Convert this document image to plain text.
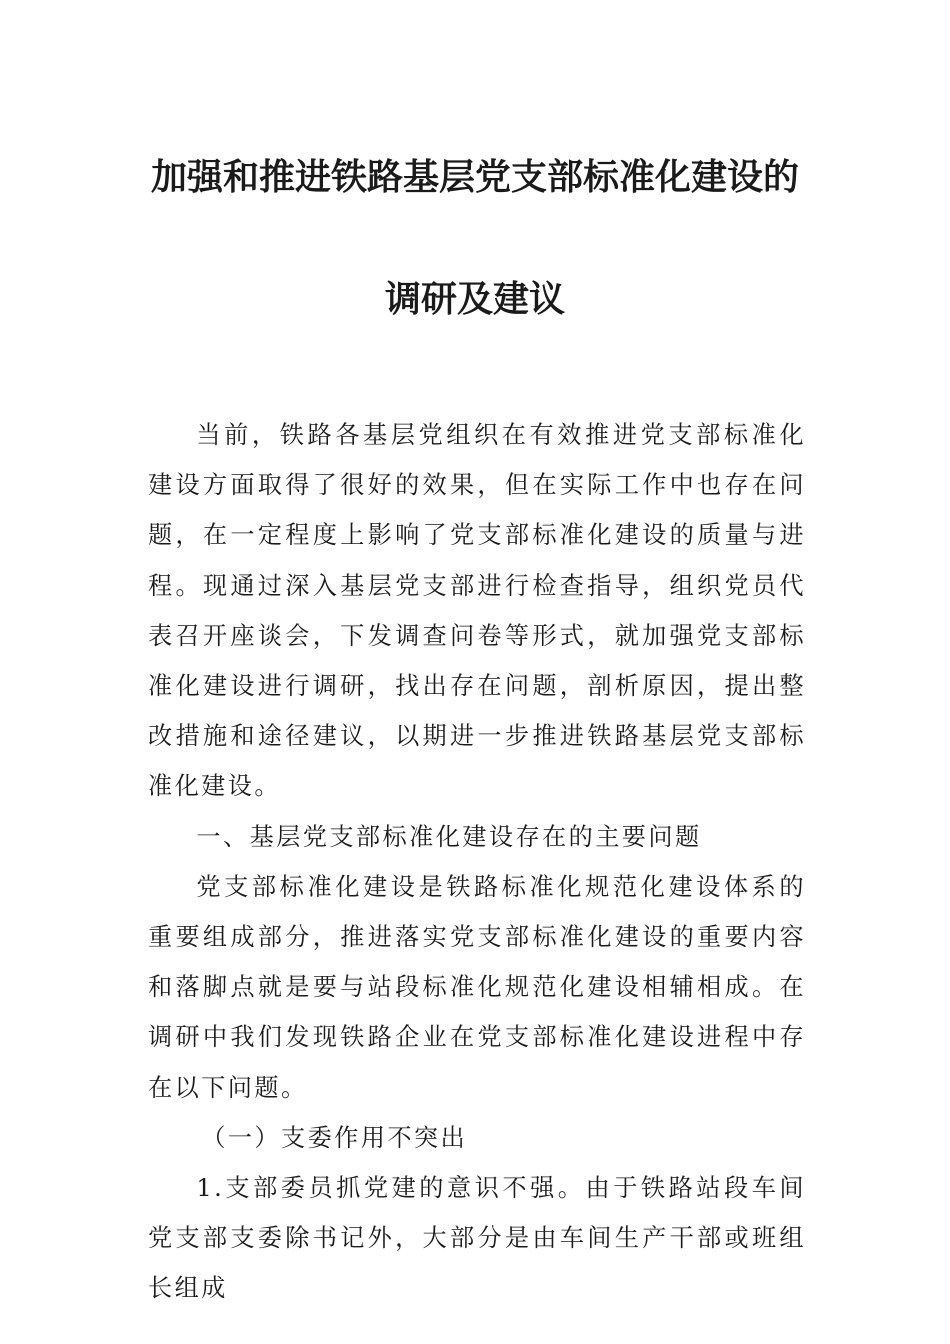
加强和推进铁路基层党支部标准化建设的
调研及建议

当前，铁路各基层党组织在有效推进党支部标准化建设方面取得了很好的效果，但在实际工作中也存在问题，在一定程度上影响了党支部标准化建设的质量与进程。现通过深入基层党支部进行检查指导，组织党员代表召开座谈会，下发调查问卷等形式，就加强党支部标准化建设进行调研，找出存在问题，剖析原因，提出整改措施和途径建议，以期进一步推进铁路基层党支部标准化建设。

一、基层党支部标准化建设存在的主要问题

党支部标准化建设是铁路标准化规范化建设体系的重要组成部分，推进落实党支部标准化建设的重要内容和落脚点就是要与站段标准化规范化建设相辅相成。在调研中我们发现铁路企业在党支部标准化建设进程中存在以下问题。

（一）支委作用不突出

1.支部委员抓党建的意识不强。由于铁路站段车间党支部支委除书记外，大部分是由车间生产干部或班组长组成
